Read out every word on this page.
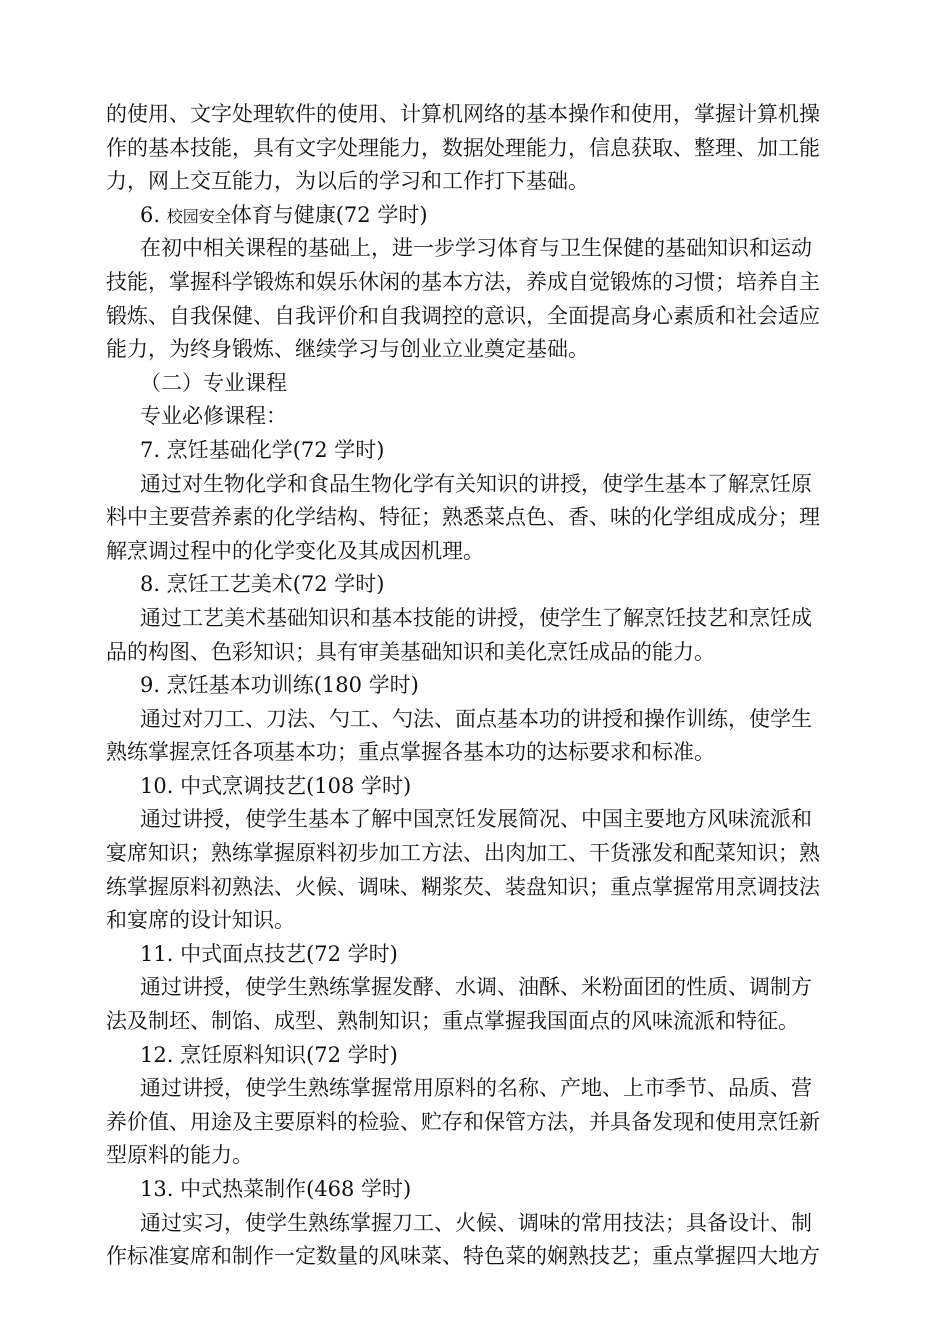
的使用、文字处理软件的使用、计算机网络的基本操作和使用，掌握计算机操
作的基本技能，具有文字处理能力，数据处理能力，信息获取、整理、加工能
力，网上交互能力，为以后的学习和工作打下基础。
6. 校园安全体育与健康(72 学时)
在初中相关课程的基础上，进一步学习体育与卫生保健的基础知识和运动
技能，掌握科学锻炼和娱乐休闲的基本方法，养成自觉锻炼的习惯；培养自主
锻炼、自我保健、自我评价和自我调控的意识，全面提高身心素质和社会适应
能力，为终身锻炼、继续学习与创业立业奠定基础。
（二）专业课程
专业必修课程：
7. 烹饪基础化学(72 学时)
通过对生物化学和食品生物化学有关知识的讲授，使学生基本了解烹饪原
料中主要营养素的化学结构、特征；熟悉菜点色、香、味的化学组成成分；理
解烹调过程中的化学变化及其成因机理。
8. 烹饪工艺美术(72 学时)
通过工艺美术基础知识和基本技能的讲授，使学生了解烹饪技艺和烹饪成
品的构图、色彩知识；具有审美基础知识和美化烹饪成品的能力。
9. 烹饪基本功训练(180 学时)
通过对刀工、刀法、勺工、勺法、面点基本功的讲授和操作训练，使学生
熟练掌握烹饪各项基本功；重点掌握各基本功的达标要求和标准。
10. 中式烹调技艺(108 学时)
通过讲授，使学生基本了解中国烹饪发展简况、中国主要地方风味流派和
宴席知识；熟练掌握原料初步加工方法、出肉加工、干货涨发和配菜知识；熟
练掌握原料初熟法、火候、调味、糊浆芡、装盘知识；重点掌握常用烹调技法
和宴席的设计知识。
11. 中式面点技艺(72 学时)
通过讲授，使学生熟练掌握发酵、水调、油酥、米粉面团的性质、调制方
法及制坯、制馅、成型、熟制知识；重点掌握我国面点的风味流派和特征。
12. 烹饪原料知识(72 学时)
通过讲授，使学生熟练掌握常用原料的名称、产地、上市季节、品质、营
养价值、用途及主要原料的检验、贮存和保管方法，并具备发现和使用烹饪新
型原料的能力。
13. 中式热菜制作(468 学时)
通过实习，使学生熟练掌握刀工、火候、调味的常用技法；具备设计、制
作标准宴席和制作一定数量的风味菜、特色菜的娴熟技艺；重点掌握四大地方
